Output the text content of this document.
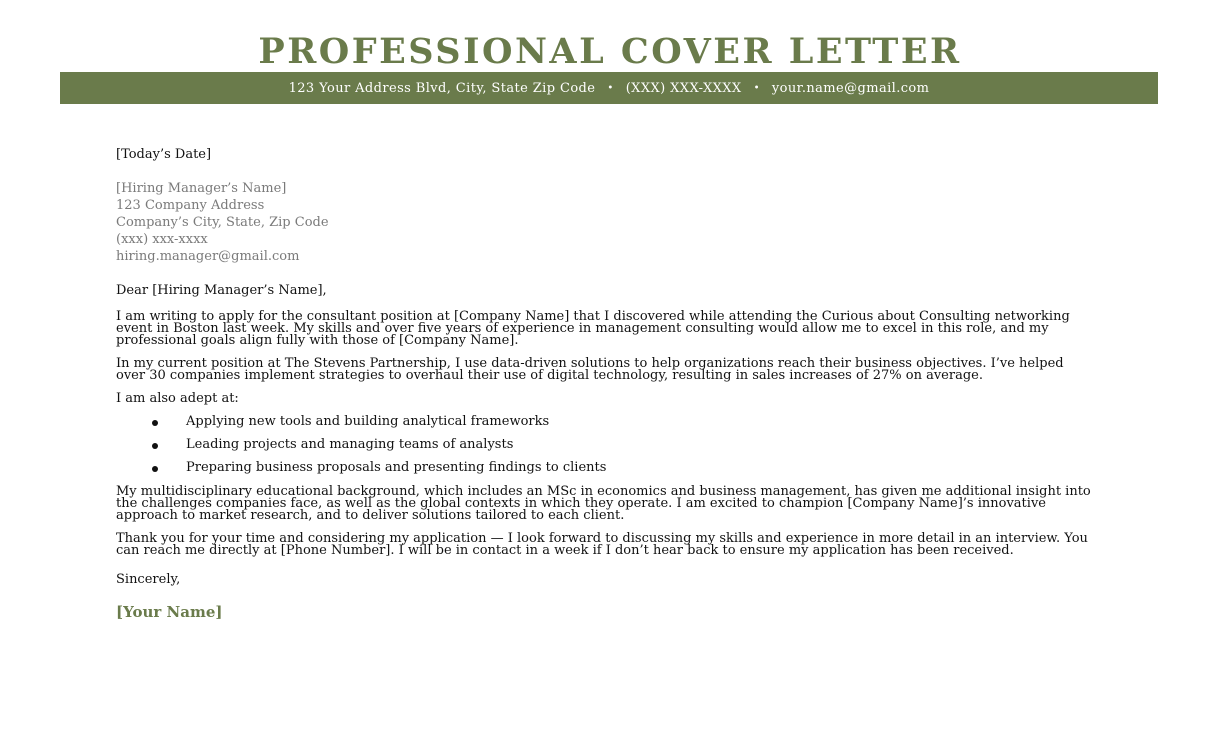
PROFESSIONAL COVER LETTER
123 Your Address Blvd, City, State Zip Code • (XXX) XXX-XXXX • your.name@gmail.com
[Today’s Date]
[Hiring Manager’s Name]
123 Company Address
Company’s City, State, Zip Code
(xxx) xxx-xxxx
hiring.manager@gmail.com
Dear [Hiring Manager’s Name],

I am writing to apply for the consultant position at [Company Name] that I discovered while attending the Curious about Consulting networking event in Boston last week. My skills and over five years of experience in management consulting would allow me to excel in this role, and my professional goals align fully with those of [Company Name].

In my current position at The Stevens Partnership, I use data-driven solutions to help organizations reach their business objectives. I’ve helped over 30 companies implement strategies to overhaul their use of digital technology, resulting in sales increases of 27% on average.

I am also adept at:

Applying new tools and building analytical frameworks
Leading projects and managing teams of analysts
Preparing business proposals and presenting findings to clients

My multidisciplinary educational background, which includes an MSc in economics and business management, has given me additional insight into the challenges companies face, as well as the global contexts in which they operate. I am excited to champion [Company Name]’s innovative approach to market research, and to deliver solutions tailored to each client.

Thank you for your time and considering my application — I look forward to discussing my skills and experience in more detail in an interview. You can reach me directly at [Phone Number]. I will be in contact in a week if I don’t hear back to ensure my application has been received.

Sincerely,
[Your Name]
